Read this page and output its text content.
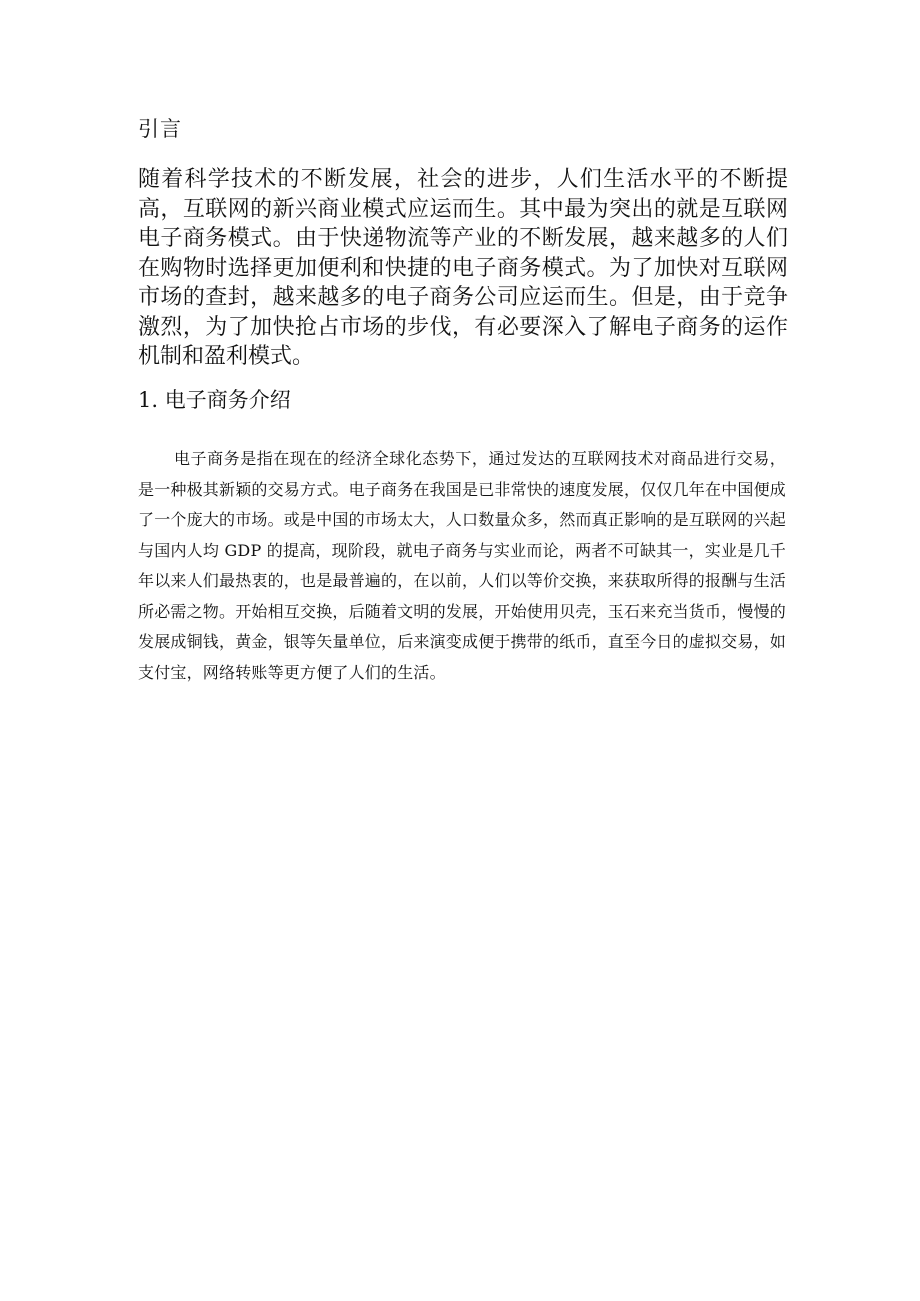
引言

随着科学技术的不断发展，社会的进步，人们生活水平的不断提高，互联网的新兴商业模式应运而生。其中最为突出的就是互联网电子商务模式。由于快递物流等产业的不断发展，越来越多的人们在购物时选择更加便利和快捷的电子商务模式。为了加快对互联网市场的查封，越来越多的电子商务公司应运而生。但是，由于竞争激烈，为了加快抢占市场的步伐，有必要深入了解电子商务的运作机制和盈利模式。

1. 电子商务介绍

电子商务是指在现在的经济全球化态势下，通过发达的互联网技术对商品进行交易，是一种极其新颖的交易方式。电子商务在我国是已非常快的速度发展，仅仅几年在中国便成了一个庞大的市场。或是中国的市场太大，人口数量众多，然而真正影响的是互联网的兴起与国内人均 GDP 的提高，现阶段，就电子商务与实业而论，两者不可缺其一，实业是几千年以来人们最热衷的，也是最普遍的，在以前，人们以等价交换，来获取所得的报酬与生活所必需之物。开始相互交换，后随着文明的发展，开始使用贝壳，玉石来充当货币，慢慢的发展成铜钱，黄金，银等矢量单位，后来演变成便于携带的纸币，直至今日的虚拟交易，如支付宝，网络转账等更方便了人们的生活。
